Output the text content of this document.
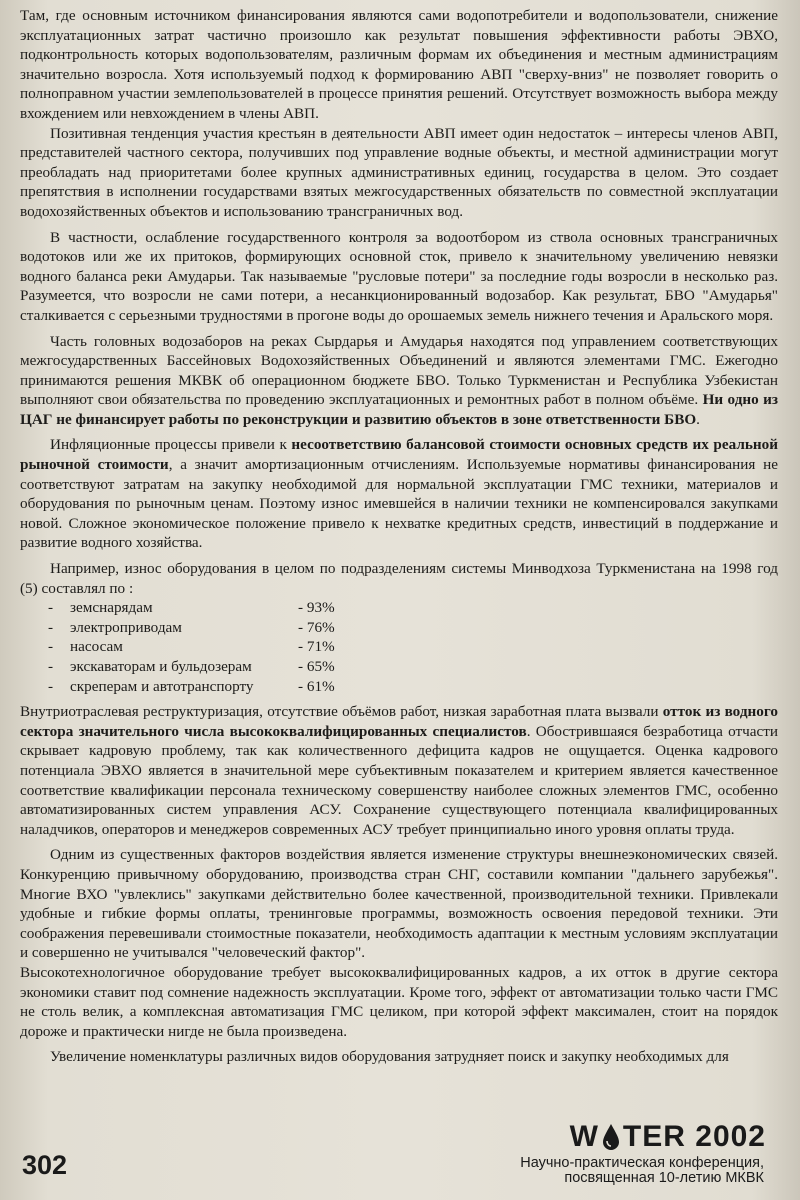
Там, где основным источником финансирования являются сами водопотребители и водопользователи, снижение эксплуатационных затрат частично произошло как результат повышения эффективности работы ЭВХО, подконтрольность которых водопользователям, различным формам их объединения и местным администрациям значительно возросла. Хотя используемый подход к формированию АВП "сверху-вниз" не позволяет говорить о полноправном участии землепользователей в процессе принятия решений. Отсутствует возможность выбора между вхождением или невхождением в члены АВП.

Позитивная тенденция участия крестьян в деятельности АВП имеет один недостаток – интересы членов АВП, представителей частного сектора, получивших под управление водные объекты, и местной администрации могут преобладать над приоритетами более крупных административных единиц, государства в целом. Это создает препятствия в исполнении государствами взятых межгосударственных обязательств по совместной эксплуатации водохозяйственных объектов и использованию трансграничных вод.

В частности, ослабление государственного контроля за водоотбором из ствола основных трансграничных водотоков или же их притоков, формирующих основной сток, привело к значительному увеличению невязки водного баланса реки Амударьи. Так называемые "русловые потери" за последние годы возросли в несколько раз. Разумеется, что возросли не сами потери, а несанкционированный водозабор. Как результат, БВО "Амударья" сталкивается с серьезными трудностями в прогоне воды до орошаемых земель нижнего течения и Аральского моря.

Часть головных водозаборов на реках Сырдарья и Амударья находятся под управлением соответствующих межгосударственных Бассейновых Водохозяйственных Объединений и являются элементами ГМС. Ежегодно принимаются решения МКВК об операционном бюджете БВО. Только Туркменистан и Республика Узбекистан выполняют свои обязательства по проведению эксплуатационных и ремонтных работ в полном объёме. Ни одно из ЦАГ не финансирует работы по реконструкции и развитию объектов в зоне ответственности БВО.

Инфляционные процессы привели к несоответствию балансовой стоимости основных средств их реальной рыночной стоимости, а значит амортизационным отчислениям. Используемые нормативы финансирования не соответствуют затратам на закупку необходимой для нормальной эксплуатации ГМС техники, материалов и оборудования по рыночным ценам. Поэтому износ имевшейся в наличии техники не компенсировался закупками новой. Сложное экономическое положение привело к нехватке кредитных средств, инвестиций в поддержание и развитие водного хозяйства.

Например, износ оборудования в целом по подразделениям системы Минводхоза Туркменистана на 1998 год (5) составлял по :

-	земснарядам	- 93%
-	электроприводам	- 76%
-	насосам	- 71%
-	экскаваторам и бульдозерам	- 65%
-	скреперам и автотранспорту	- 61%

Внутриотраслевая реструктуризация, отсутствие объёмов работ, низкая заработная плата вызвали отток из водного сектора значительного числа высококвалифицированных специалистов. Обострившаяся безработица отчасти скрывает кадровую проблему, так как количественного дефицита кадров не ощущается. Оценка кадрового потенциала ЭВХО является в значительной мере субъективным показателем и критерием является качественное соответствие квалификации персонала техническому совершенству наиболее сложных элементов ГМС, особенно автоматизированных систем управления АСУ. Сохранение существующего потенциала квалифицированных наладчиков, операторов и менеджеров современных АСУ требует принципиально иного уровня оплаты труда.

Одним из существенных факторов воздействия является изменение структуры внешнеэкономических связей. Конкуренцию привычному оборудованию, производства стран СНГ, составили компании "дальнего зарубежья". Многие ВХО "увлеклись" закупками действительно более качественной, производительной техники. Привлекали удобные и гибкие формы оплаты, тренинговые программы, возможность освоения передовой техники. Эти соображения перевешивали стоимостные показатели, необходимость адаптации к местным условиям эксплуатации и совершенно не учитывался "человеческий фактор".

Высокотехнологичное оборудование требует высококвалифицированных кадров, а их отток в другие сектора экономики ставит под сомнение надежность эксплуатации. Кроме того, эффект от автоматизации только части ГМС не столь велик, а комплексная автоматизация ГМС целиком, при которой эффект максимален, стоит на порядок дороже и практически нигде не была произведена.

Увеличение номенклатуры различных видов оборудования затрудняет поиск и закупку необходимых для

302
W TER 2002
Научно-практическая конференция,
посвященная 10-летию МКВК
